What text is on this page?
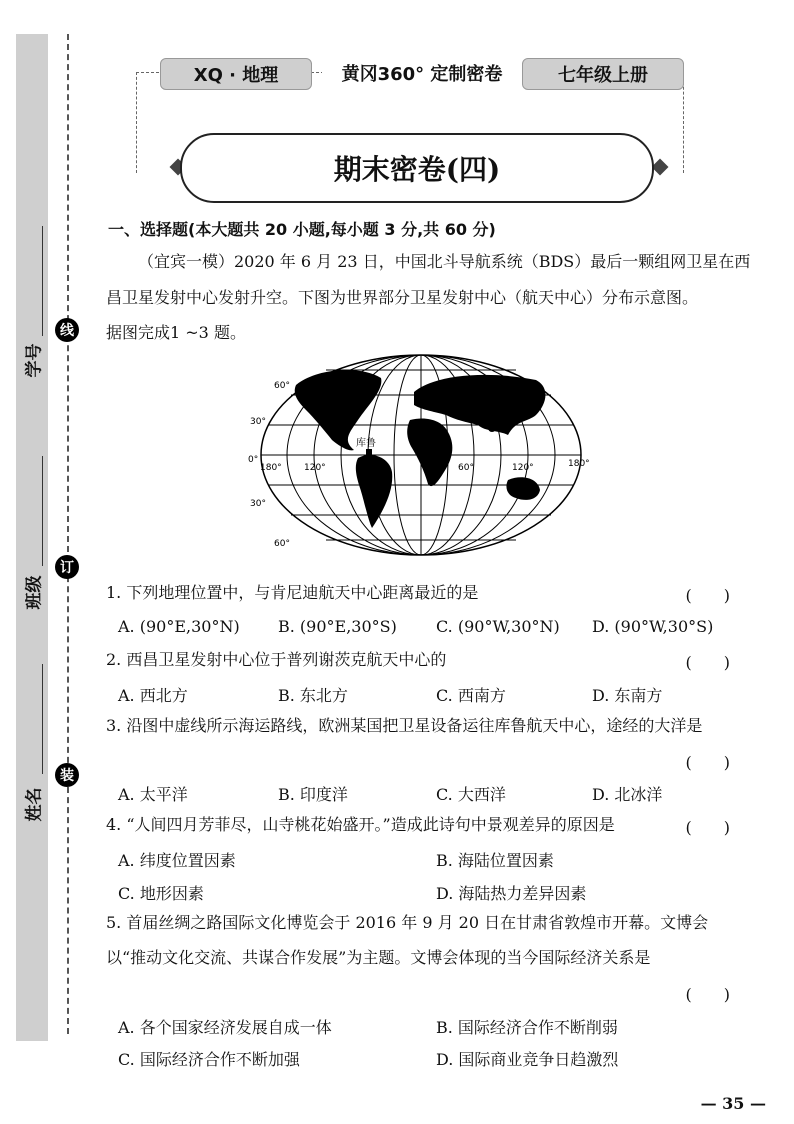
线
订
装
学号
班级
姓名
XQ · 地理	黄冈360° 定制密卷	七年级上册
期末密卷(四)
一、选择题(本大题共 20 小题,每小题 3 分,共 60 分)
（宜宾一模）2020 年 6 月 23 日，中国北斗导航系统（BDS）最后一颗组网卫星在西
昌卫星发射中心发射升空。下图为世界部分卫星发射中心（航天中心）分布示意图。
据图完成1 ~3 题。
60°
30°
0°
30°
60°
180° 120°	60°	0° 60°	120°	180°
肯尼迪
库鲁
普列谢茨克
西昌
1. 下列地理位置中，与肯尼迪航天中心距离最近的是	(　　)
A. (90°E,30°N) B. (90°E,30°S) C. (90°W,30°N) D. (90°W,30°S)
2. 西昌卫星发射中心位于普列谢茨克航天中心的	(　　)
A. 西北方	B. 东北方	C. 西南方	D. 东南方
3. 沿图中虚线所示海运路线，欧洲某国把卫星设备运往库鲁航天中心，途经的大洋是
(　　)
A. 太平洋	B. 印度洋	C. 大西洋	D. 北冰洋
4. “人间四月芳菲尽，山寺桃花始盛开。”造成此诗句中景观差异的原因是	(　　)
A. 纬度位置因素	B. 海陆位置因素
C. 地形因素	D. 海陆热力差异因素
5. 首届丝绸之路国际文化博览会于 2016 年 9 月 20 日在甘肃省敦煌市开幕。文博会
以“推动文化交流、共谋合作发展”为主题。文博会体现的当今国际经济关系是
(　　)
A. 各个国家经济发展自成一体	B. 国际经济合作不断削弱
C. 国际经济合作不断加强	D. 国际商业竞争日趋激烈
— 35 —
